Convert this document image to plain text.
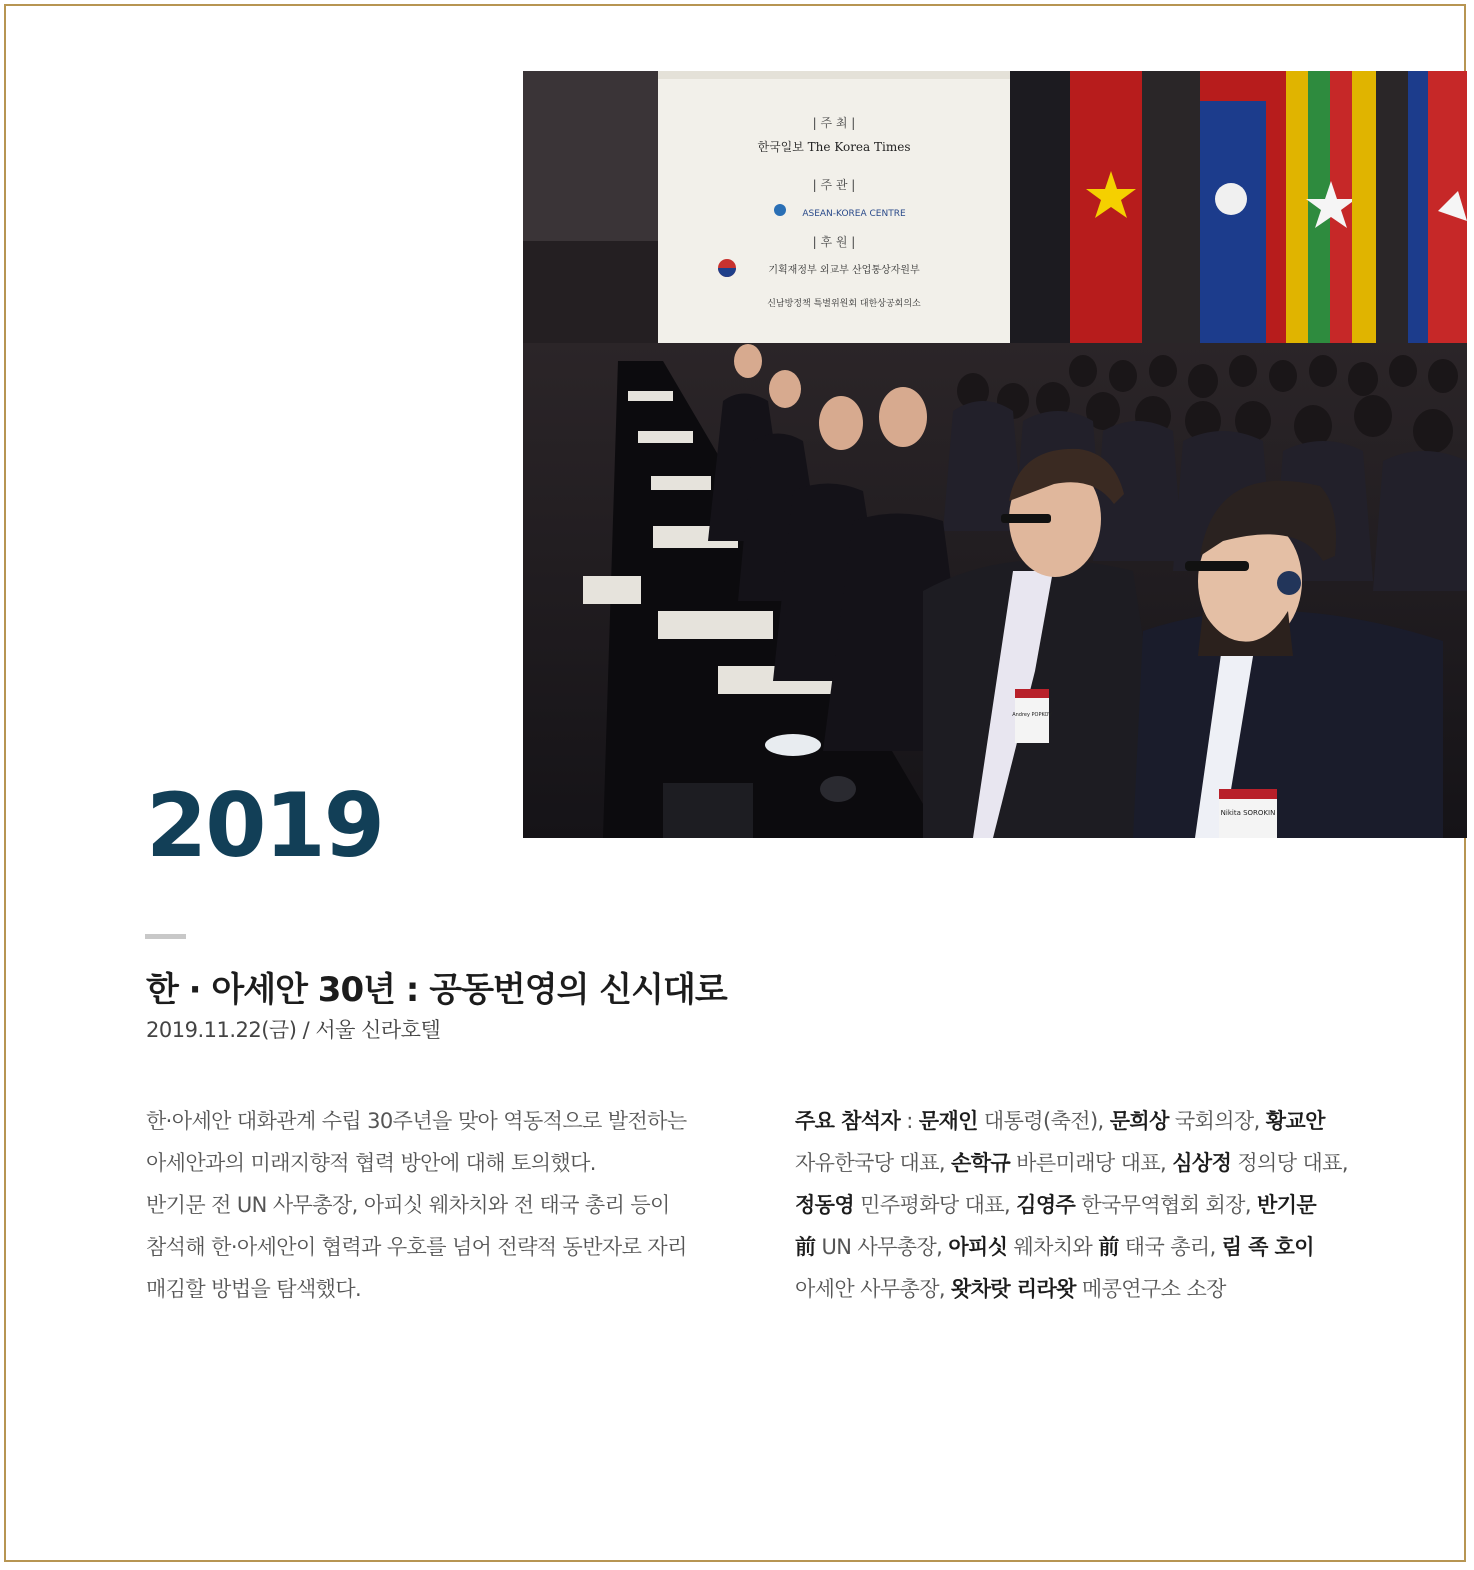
| 주 최 |
한국일보 The Korea Times
| 주 관 |
ASEAN-KOREA CENTRE
| 후 원 |
기획재정부 외교부 산업통상자원부
신남방정책 특별위원회 대한상공회의소
Nikita SOROKIN
Andrey POPKOV
2019
한 · 아세안 30년 : 공동번영의 신시대로
2019.11.22(금) / 서울 신라호텔
한·아세안 대화관계 수립 30주년을 맞아 역동적으로 발전하는
아세안과의 미래지향적 협력 방안에 대해 토의했다.
반기문 전 UN 사무총장, 아피싯 웨차치와 전 태국 총리 등이
참석해 한·아세안이 협력과 우호를 넘어 전략적 동반자로 자리
매김할 방법을 탐색했다.
주요 참석자 : 문재인 대통령(축전), 문희상 국회의장, 황교안
자유한국당 대표, 손학규 바른미래당 대표, 심상정 정의당 대표,
정동영 민주평화당 대표, 김영주 한국무역협회 회장, 반기문
前 UN 사무총장, 아피싯 웨차치와 前 태국 총리, 림 족 호이
아세안 사무총장, 왓차랏 리라왓 메콩연구소 소장
